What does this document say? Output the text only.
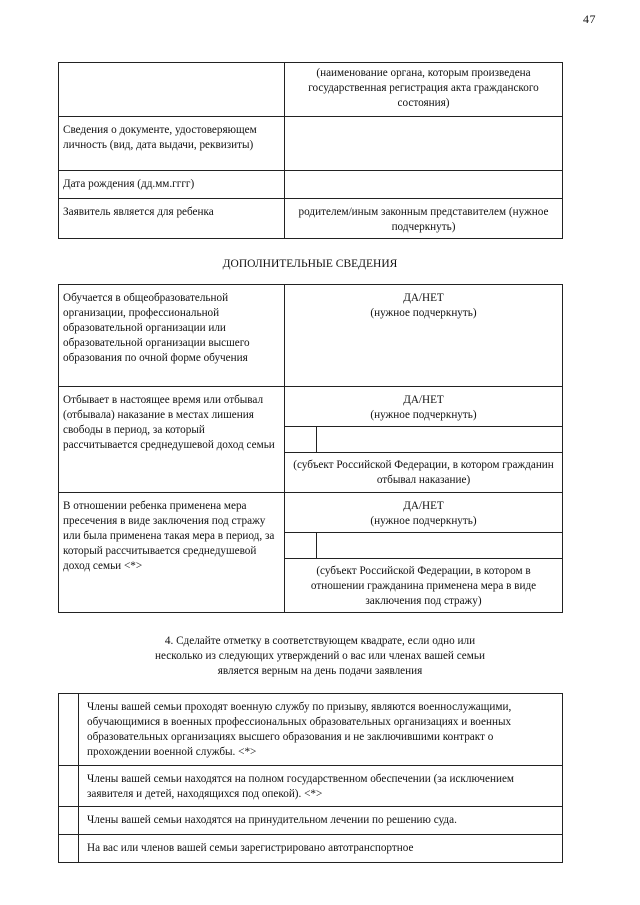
47
	(наименование органа, которым произведена государственная регистрация акта гражданского состояния)
Сведения о документе, удостоверяющем личность (вид, дата выдачи, реквизиты)	
Дата рождения (дд.мм.гггг)	
Заявитель является для ребенка	родителем/иным законным представителем (нужное подчеркнуть)
ДОПОЛНИТЕЛЬНЫЕ СВЕДЕНИЯ
Обучается в общеобразовательной организации, профессиональной образовательной организации или образовательной организации высшего образования по очной форме обучения	ДА/НЕТ
(нужное подчеркнуть)	

Отбывает в настоящее время или отбывал (отбывала) наказание в местах лишения свободы в период, за который рассчитывается среднедушевой доход семьи	ДА/НЕТ
(нужное подчеркнуть)	

	(субъект Российской Федерации, в котором гражданин отбывал наказание)	
В отношении ребенка применена мера пресечения в виде заключения под стражу или была применена такая мера в период, за который рассчитывается среднедушевой доход семьи <*>	ДА/НЕТ
(нужное подчеркнуть)	

	(субъект Российской Федерации, в котором в отношении гражданина применена мера в виде заключения под стражу)	
4. Сделайте отметку в соответствующем квадрате, если одно или несколько из следующих утверждений о вас или членах вашей семьи является верным на день подачи заявления
	Члены вашей семьи проходят военную службу по призыву, являются военнослужащими, обучающимися в военных профессиональных образовательных организациях и военных образовательных организациях высшего образования и не заключившими контракт о прохождении военной службы. <*>
	Члены вашей семьи находятся на полном государственном обеспечении (за исключением заявителя и детей, находящихся под опекой). <*>
	Члены вашей семьи находятся на принудительном лечении по решению суда.
	На вас или членов вашей семьи зарегистрировано автотранспортное
